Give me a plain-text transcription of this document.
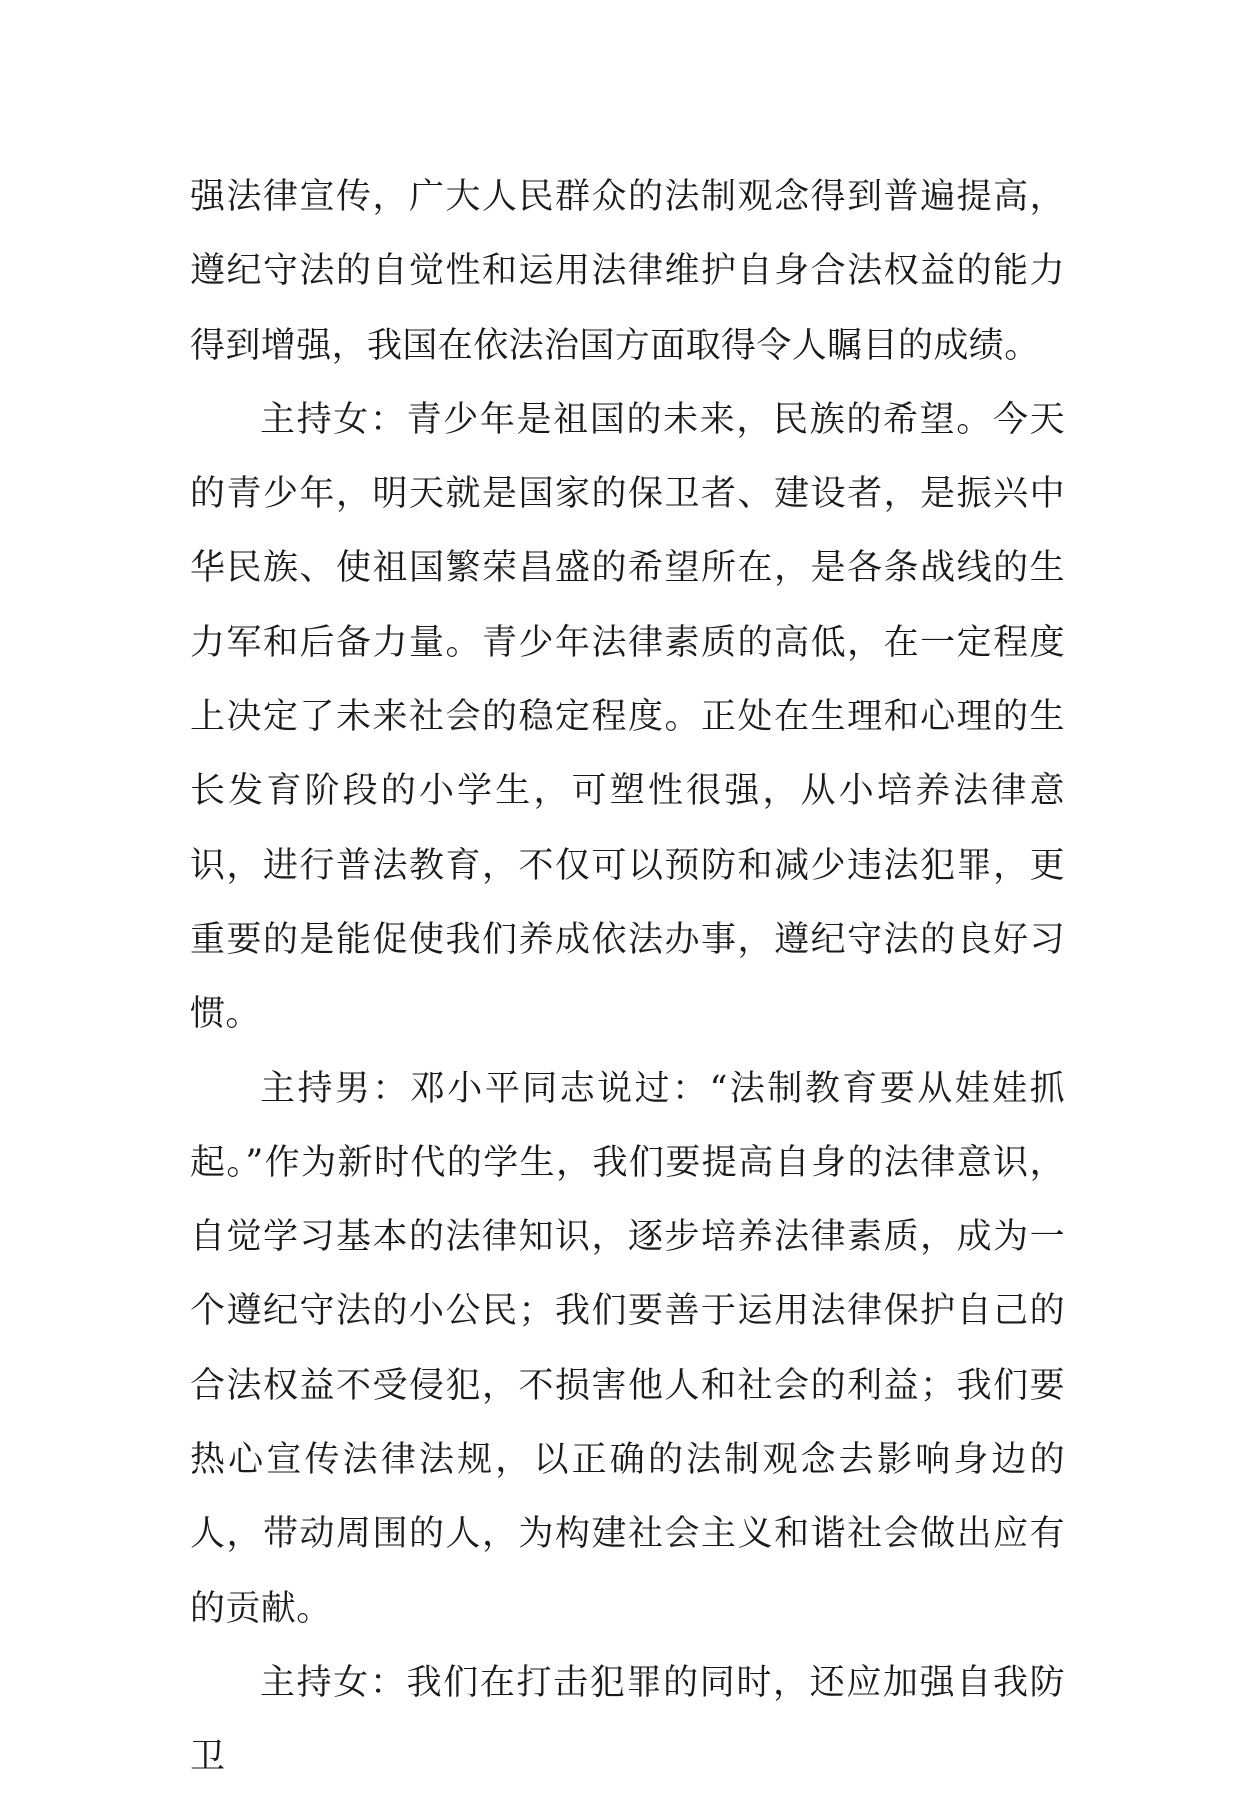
强法律宣传，广大人民群众的法制观念得到普遍提高，遵纪守法的自觉性和运用法律维护自身合法权益的能力得到增强，我国在依法治国方面取得令人瞩目的成绩。

主持女：青少年是祖国的未来，民族的希望。今天的青少年，明天就是国家的保卫者、建设者，是振兴中华民族、使祖国繁荣昌盛的希望所在，是各条战线的生力军和后备力量。青少年法律素质的高低，在一定程度上决定了未来社会的稳定程度。正处在生理和心理的生长发育阶段的小学生，可塑性很强，从小培养法律意识，进行普法教育，不仅可以预防和减少违法犯罪，更重要的是能促使我们养成依法办事，遵纪守法的良好习惯。

主持男：邓小平同志说过：“法制教育要从娃娃抓起。”作为新时代的学生，我们要提高自身的法律意识，自觉学习基本的法律知识，逐步培养法律素质，成为一个遵纪守法的小公民；我们要善于运用法律保护自己的合法权益不受侵犯，不损害他人和社会的利益；我们要热心宣传法律法规，以正确的法制观念去影响身边的人，带动周围的人，为构建社会主义和谐社会做出应有的贡献。

主持女：我们在打击犯罪的同时，还应加强自我防卫
